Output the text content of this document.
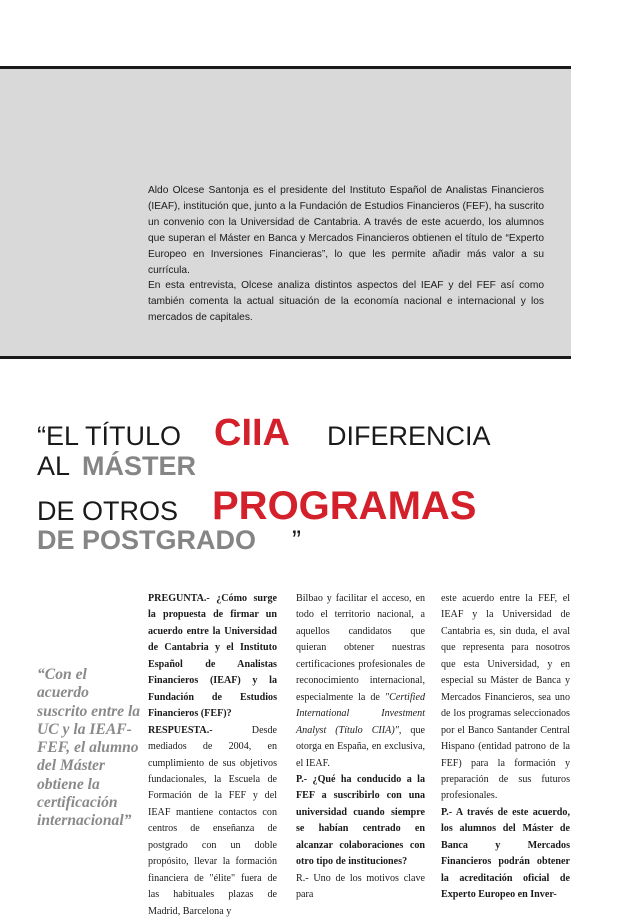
Aldo Olcese Santonja es el presidente del Instituto Español de Analistas Financieros (IEAF), institución que, junto a la Fundación de Estudios Financieros (FEF), ha suscrito un convenio con la Universidad de Cantabria. A través de este acuerdo, los alumnos que superan el Máster en Banca y Mercados Financieros obtienen el título de “Experto Europeo en Inversiones Financieras”, lo que les permite añadir más valor a su currícula.

En esta entrevista, Olcese analiza distintos aspectos del IEAF y del FEF así como también comenta la actual situación de la economía nacional e internacional y los mercados de capitales.

“EL TÍTULO CIIA DIFERENCIA
AL MÁSTER
DE OTROS PROGRAMAS
DE POSTGRADO ”
“Con el acuerdo suscrito entre la UC y la IEAF-FEF, el alumno del Máster obtiene la certificación internacional”

PREGUNTA.- ¿Cómo surge la propuesta de firmar un acuerdo entre la Universidad de Cantabria y el Instituto Español de Analistas Financieros (IEAF) y la Fundación de Estudios Financieros (FEF)?
RESPUESTA.- Desde mediados de 2004, en cumplimiento de sus objetivos fundacionales, la Escuela de Formación de la FEF y del IEAF mantiene contactos con centros de enseñanza de postgrado con un doble propósito, llevar la formación financiera de "élite" fuera de las habituales plazas de Madrid, Barcelona y

Bilbao y facilitar el acceso, en todo el territorio nacional, a aquellos candidatos que quieran obtener nuestras certificaciones profesionales de reconocimiento internacional, especialmente la de "Certified International Investment Analyst (Título CIIA)", que otorga en España, en exclusiva, el IEAF.
P.- ¿Qué ha conducido a la FEF a suscribirlo con una universidad cuando siempre se habían centrado en alcanzar colaboraciones con otro tipo de instituciones?
R.- Uno de los motivos clave para

este acuerdo entre la FEF, el IEAF y la Universidad de Cantabria es, sin duda, el aval que representa para nosotros que esta Universidad, y en especial su Máster de Banca y Mercados Financieros, sea uno de los programas seleccionados por el Banco Santander Central Hispano (entidad patrono de la FEF) para la formación y preparación de sus futuros profesionales.
P.- A través de este acuerdo, los alumnos del Máster de Banca y Mercados Financieros podrán obtener la acreditación oficial de Experto Europeo en Inver-
